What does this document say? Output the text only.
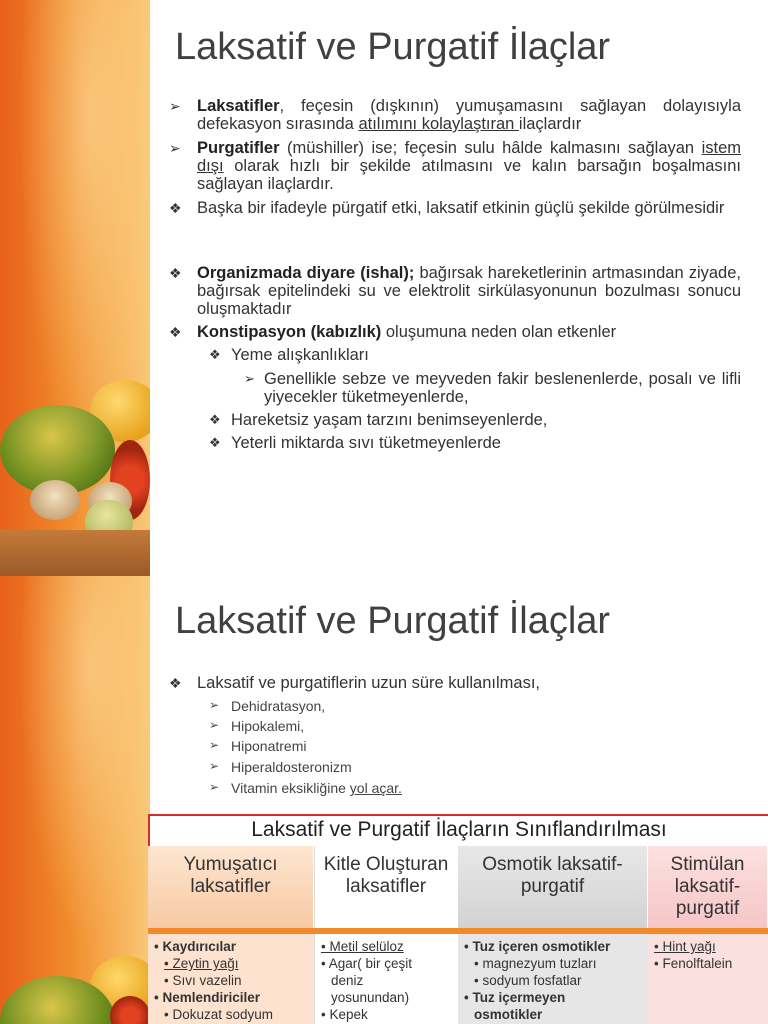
Laksatif ve Purgatif İlaçlar
➢ Laksatifler, feçesin (dışkının) yumuşamasını sağlayan dolayısıyla defekasyon sırasında atılımını kolaylaştıran ilaçlardır
➢ Purgatifler (müshiller) ise; feçesin sulu hâlde kalmasını sağlayan istem dışı olarak hızlı bir şekilde atılmasını ve kalın barsağın boşalmasını sağlayan ilaçlardır.
❖ Başka bir ifadeyle pürgatif etki, laksatif etkinin güçlü şekilde görülmesidir
❖ Organizmada diyare (ishal); bağırsak hareketlerinin artmasından ziyade, bağırsak epitelindeki su ve elektrolit sirkülasyonunun bozulması sonucu oluşmaktadır
❖ Konstipasyon (kabızlık) oluşumuna neden olan etkenler
❖ Yeme alışkanlıkları
➢ Genellikle sebze ve meyveden fakir beslenenlerde, posalı ve lifli yiyecekler tüketmeyenlerde,
❖ Hareketsiz yaşam tarzını benimseyenlerde,
❖ Yeterli miktarda sıvı tüketmeyenlerde
Laksatif ve Purgatif İlaçlar
❖ Laksatif ve purgatiflerin uzun süre kullanılması,
➢ Dehidratasyon,
➢ Hipokalemi,
➢ Hiponatremi
➢ Hiperaldosteronizm
➢ Vitamin eksikliğine yol açar.
Laksatif ve Purgatif İlaçların Sınıflandırılması
Yumuşatıcı laksatifler
Kitle Oluşturan laksatifler
Osmotik laksatif-purgatif
Stimülan laksatif-purgatif
• Kaydırıcılar
• Zeytin yağı
• Sıvı vazelin
• Nemlendiriciler
• Dokuzat sodyum
• Metil selüloz
• Agar( bir çeşit
deniz
yosunundan)
• Kepek
• Tuz içeren osmotikler
• magnezyum tuzları
• sodyum fosfatlar
• Tuz içermeyen
osmotikler
• Hint yağı
• Fenolftalein
